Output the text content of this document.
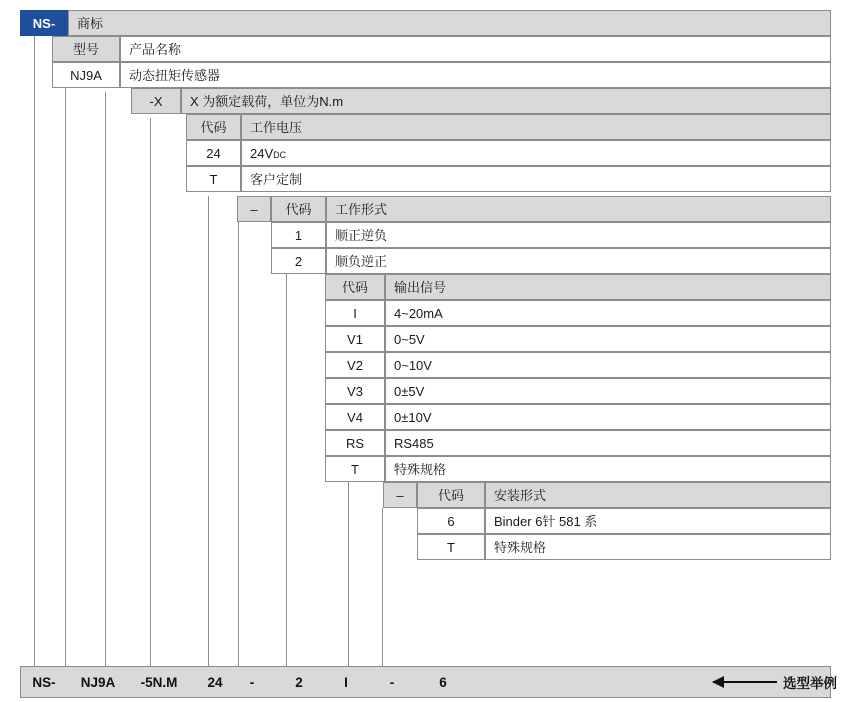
NS-	商标
型号	产品名称
NJ9A	动态扭矩传感器
-X	X 为额定载荷，单位为N.m
代码	工作电压
24	24V DC
T	客户定制
–	代码	工作形式
1	顺正逆负
2	顺负逆正
代码	输出信号
I	4~20mA
V1	0~5V
V2	0~10V
V3	0±5V
V4	0±10V
RS	RS485
T	特殊规格
–	代码	安装形式
6	Binder 6针 581 系
T	特殊规格
NS-	NJ9A	-5N.M	24	-	2	I	-	6	选型举例
